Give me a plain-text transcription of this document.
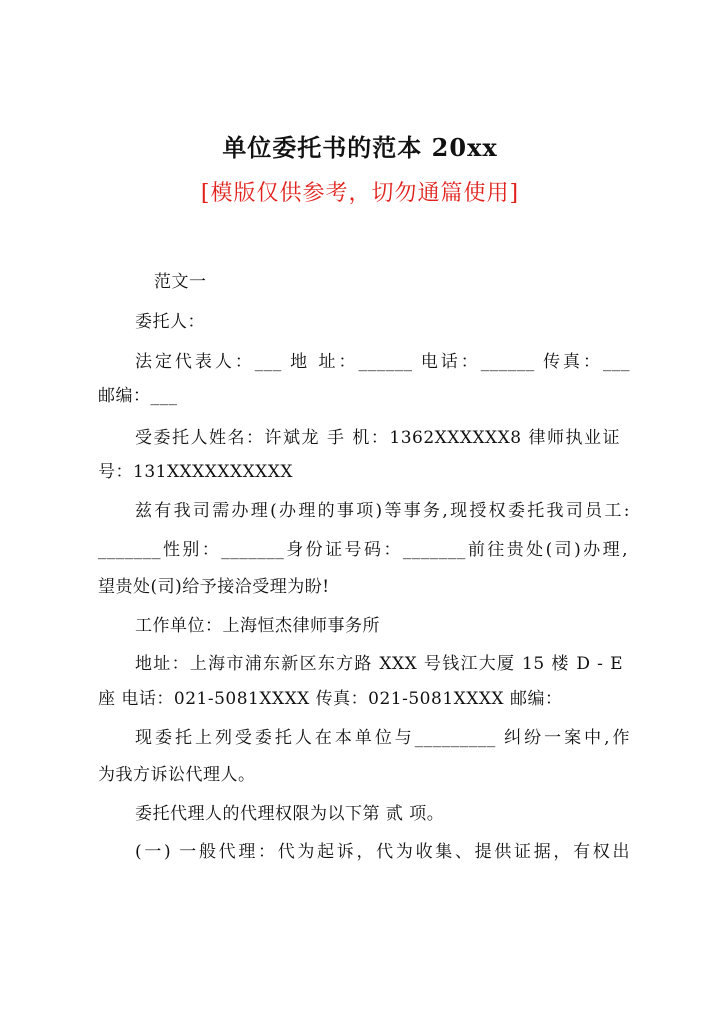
单位委托书的范本 20xx
[模版仅供参考，切勿通篇使用]
范文一
委托人：
法定代表人：___ 地 址：______ 电话：______ 传真：___
邮编：___
受委托人姓名：许斌龙 手 机：1362XXXXXX8 律师执业证
号：131XXXXXXXXXX
兹有我司需办理(办理的事项)等事务,现授权委托我司员工:
_______性别：_______身份证号码：_______前往贵处(司)办理,
望贵处(司)给予接洽受理为盼!
工作单位：上海恒杰律师事务所
地址：上海市浦东新区东方路 XXX 号钱江大厦 15 楼 D - E
座 电话：021-5081XXXX 传真：021-5081XXXX 邮编：
现委托上列受委托人在本单位与_________ 纠纷一案中,作
为我方诉讼代理人。
委托代理人的代理权限为以下第 贰 项。
(一) 一般代理：代为起诉，代为收集、提供证据，有权出
